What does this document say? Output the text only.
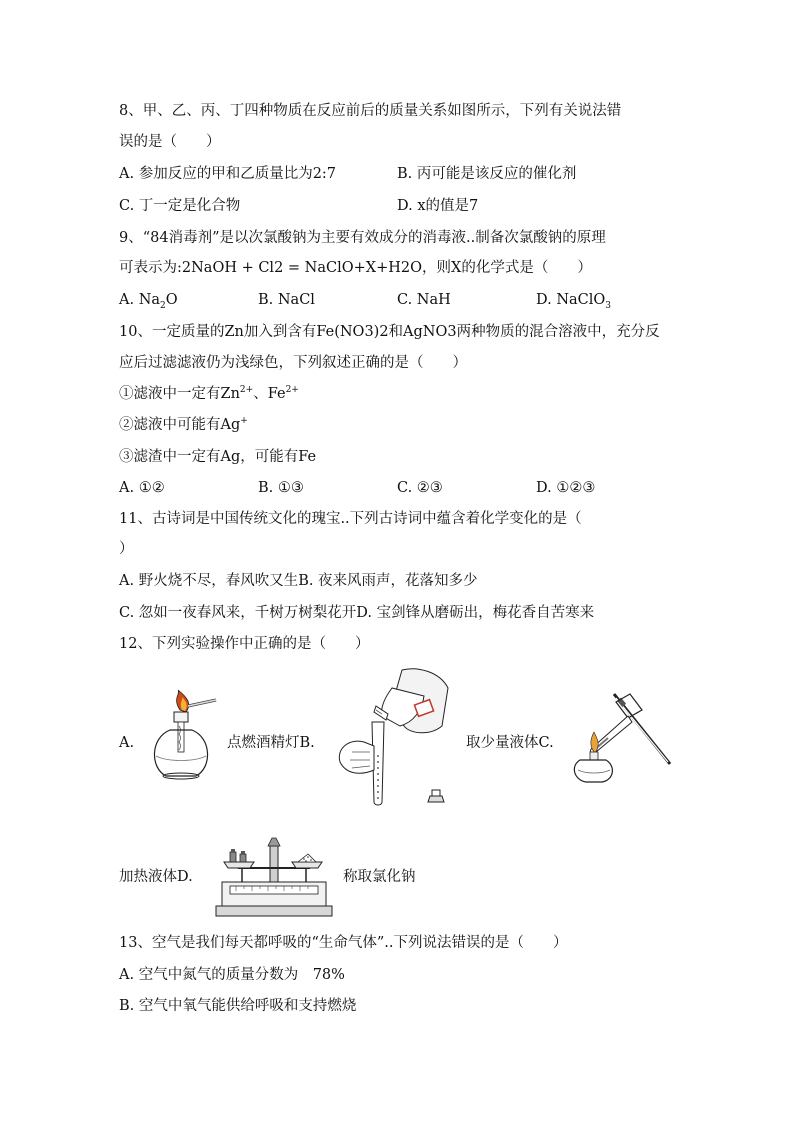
8、甲、乙、丙、丁四种物质在反应前后的质量关系如图所示，下列有关说法错
误的是（　　）
A. 参加反应的甲和乙质量比为2:7	B. 丙可能是该反应的催化剂
C. 丁一定是化合物	D. x的值是7
9、“84消毒剂”是以次氯酸钠为主要有效成分的消毒液..制备次氯酸钠的原理
可表示为:2NaOH + Cl2 = NaClO+X+H2O，则X的化学式是（　　）
A. $Na_2O$	B. NaCl	C. NaH	D. NaClO$_3$
10、一定质量的Zn加入到含有Fe(NO3)2和AgNO3两种物质的混合溶液中，充分反
应后过滤滤液仍为浅绿色，下列叙述正确的是（　　）
①滤液中一定有$Zn^{2+}$、$Fe^{2+}$
②滤液中可能有Ag+
③滤渣中一定有Ag，可能有Fe
A. ①②	B. ①③	C. ②③	D. ①②③
11、古诗词是中国传统文化的瑰宝..下列古诗词中蕴含着化学变化的是（
）
A. 野火烧不尽，春风吹又生B. 夜来风雨声，花落知多少
C. 忽如一夜春风来，千树万树梨花开D. 宝剑锋从磨砺出，梅花香自苦寒来
12、下列实验操作中正确的是（　　）
A.	点燃酒精灯B.	取少量液体C.
加热液体D.	称取氯化钠
13、空气是我们每天都呼吸的“生命气体”..下列说法错误的是（　　）
A. 空气中氮气的质量分数为　78%
B. 空气中氧气能供给呼吸和支持燃烧
